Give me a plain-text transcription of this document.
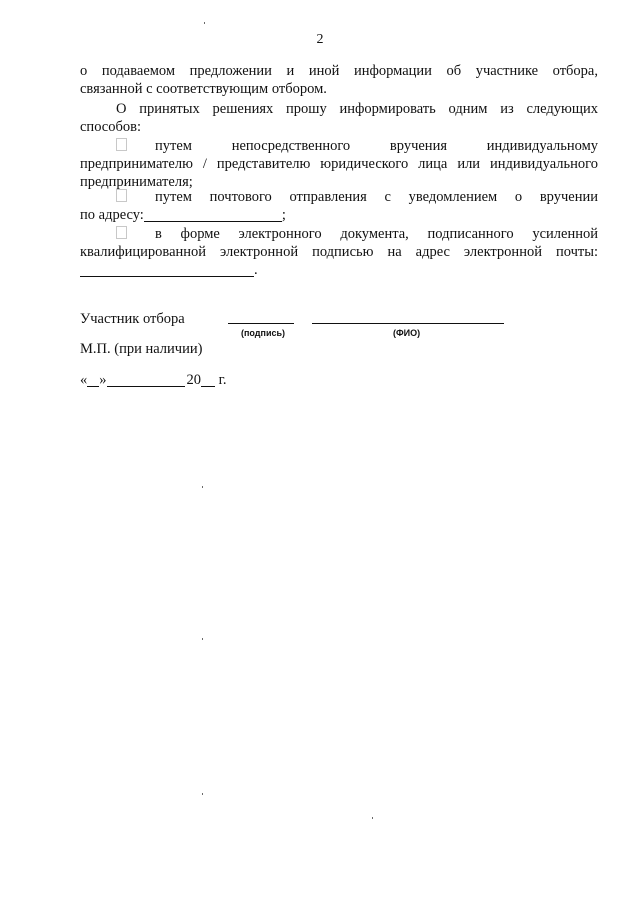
2
о подаваемом предложении и иной информации об участнике отбора,
связанной с соответствующим отбором.
О принятых решениях прошу информировать одним из следующих
способов:
путем	непосредственного	вручения	индивидуальному
предпринимателю / представителю юридического лица или индивидуального
предпринимателя;
путем почтового отправления с уведомлением о вручении
по адресу:	;
в форме электронного документа, подписанного усиленной
квалифицированной электронной подписью на адрес электронной почты:
.
Участник отбора
(подпись)	(ФИО)
М.П. (при наличии)
« »	20 г.
